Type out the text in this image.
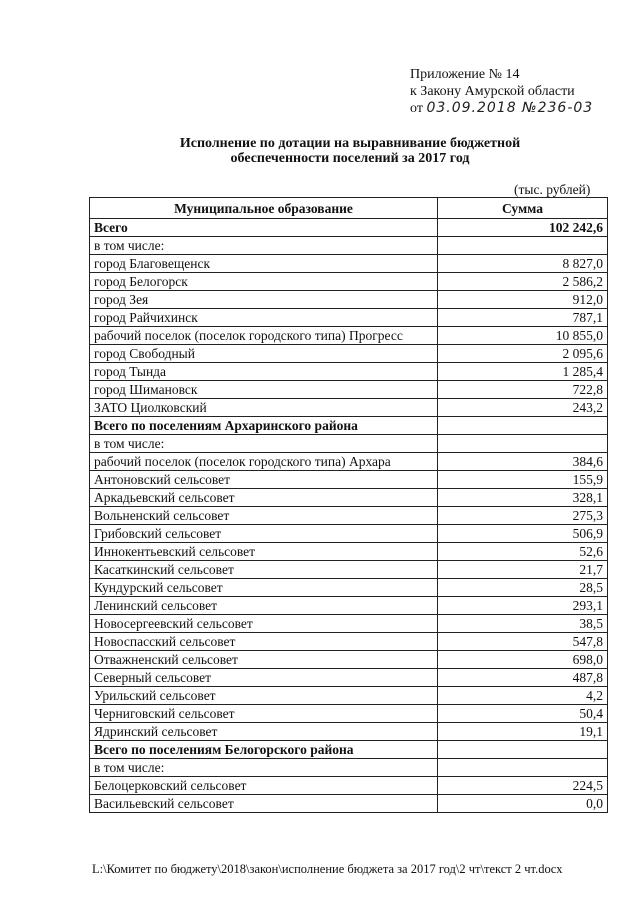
Приложение № 14
к Закону Амурской области
от 03.09.2018 №236-03
Исполнение по дотации на выравнивание бюджетной
обеспеченности поселений за 2017 год
(тыс. рублей)
Муниципальное образование	Сумма
Всего	102 242,6
в том числе:	
город Благовещенск	8 827,0
город Белогорск	2 586,2
город Зея	912,0
город Райчихинск	787,1
рабочий поселок (поселок городского типа) Прогресс	10 855,0
город Свободный	2 095,6
город Тында	1 285,4
город Шимановск	722,8
ЗАТО Циолковский	243,2
Всего по поселениям Архаринского района	
в том числе:	
рабочий поселок (поселок городского типа) Архара	384,6
Антоновский сельсовет	155,9
Аркадьевский сельсовет	328,1
Вольненский сельсовет	275,3
Грибовский сельсовет	506,9
Иннокентьевский сельсовет	52,6
Касаткинский сельсовет	21,7
Кундурский сельсовет	28,5
Ленинский сельсовет	293,1
Новосергеевский сельсовет	38,5
Новоспасский сельсовет	547,8
Отважненский сельсовет	698,0
Северный сельсовет	487,8
Урильский сельсовет	4,2
Черниговский сельсовет	50,4
Ядринский сельсовет	19,1
Всего по поселениям Белогорского района	
в том числе:	
Белоцерковский сельсовет	224,5
Васильевский сельсовет	0,0
L:\Комитет по бюджету\2018\закон\исполнение бюджета за 2017 год\2 чт\текст 2 чт.docx
